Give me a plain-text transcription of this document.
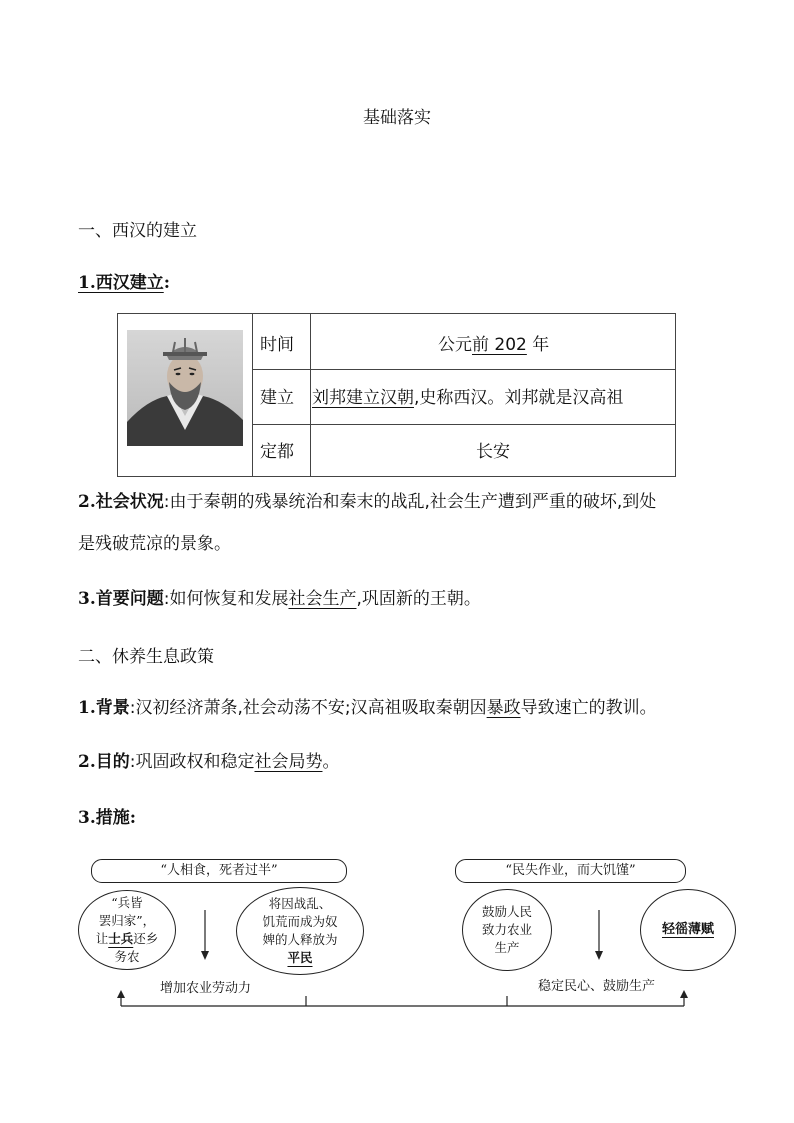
基础落实
一、西汉的建立
1.西汉建立:
时间	公元前 202 年
建立 刘邦建立汉朝,史称西汉。刘邦就是汉高祖
定都	长安
2.社会状况:由于秦朝的残暴统治和秦末的战乱,社会生产遭到严重的破坏,到处
是残破荒凉的景象。
3.首要问题:如何恢复和发展社会生产,巩固新的王朝。
二、休养生息政策
1.背景:汉初经济萧条,社会动荡不安;汉高祖吸取秦朝因暴政导致速亡的教训。
2.目的:巩固政权和稳定社会局势。
3.措施:
“人相食，死者过半”	“民失作业，而大饥馑”
“兵皆
罢归家”，
让士兵还乡
务农
将因战乱、
饥荒而成为奴
婢的人释放为
平民
鼓励人民
致力农业
生产
轻徭薄赋
增加农业劳动力	稳定民心、鼓励生产
